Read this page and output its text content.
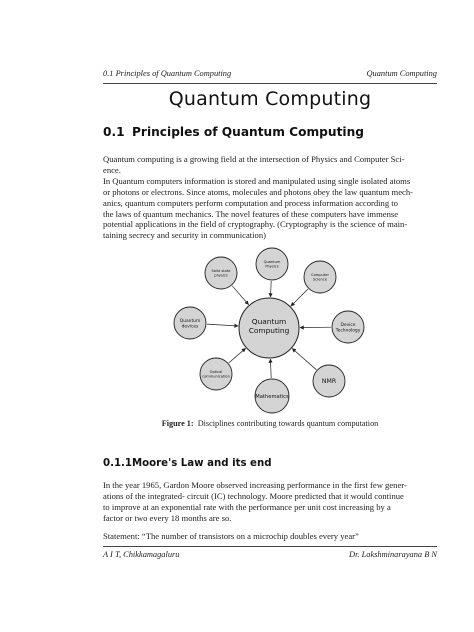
0.1 Principles of Quantum Computing	Quantum Computing
Quantum Computing
0.1 Principles of Quantum Computing
Quantum computing is a growing field at the intersection of Physics and Computer Sci-
ence.
In Quantum computers information is stored and manipulated using single isolated atoms
or photons or electrons. Since atoms, molecules and photons obey the law quantum mech-
anics, quantum computers perform computation and process information according to
the laws of quantum mechanics. The novel features of these computers have immense
potential applications in the field of cryptography. (Cryptography is the science of main-
taining secrecy and security in communication)
Quantum
Physics
Computer
Science
Device
Technology
NMR
Mathematics
Optical
communication
Quantum
devices
Solid state
physics
Quantum
Computing
Figure 1: Disciplines contributing towards quantum computation
0.1.1Moore's Law and its end
In the year 1965, Gardon Moore observed increasing performance in the first few gener-
ations of the integrated- circuit (IC) technology. Moore predicted that it would continue
to improve at an exponential rate with the performance per unit cost increasing by a
factor or two every 18 months are so.
Statement: “The number of transistors on a microchip doubles every year”
A I T, Chikkamagaluru	Dr. Lakshminarayana B N
